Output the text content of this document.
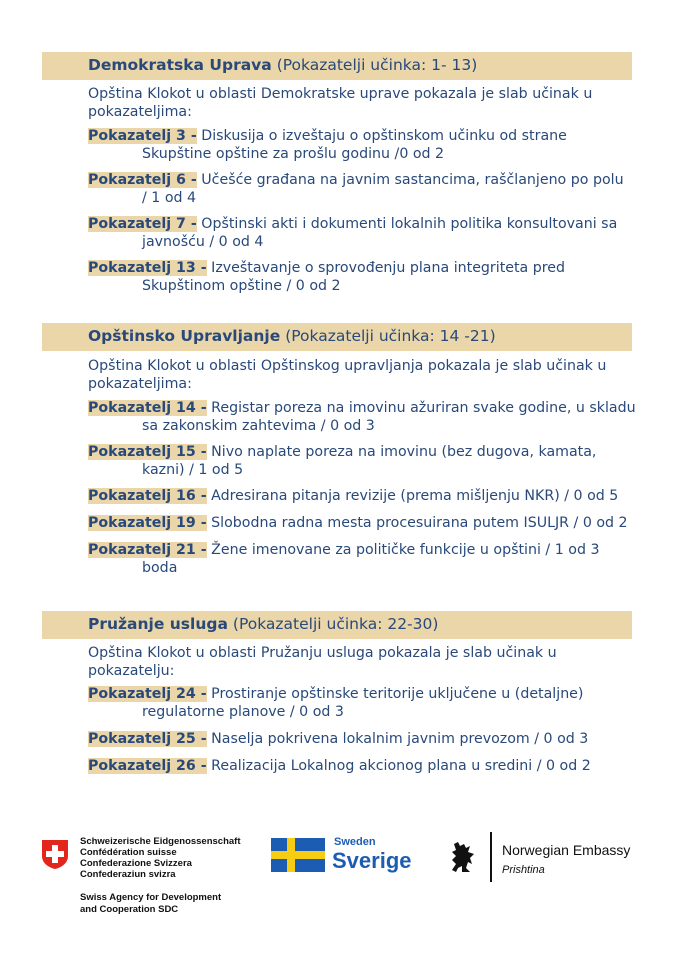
Demokratska Uprava (Pokazatelji učinka: 1- 13)
Opština Klokot u oblasti Demokratske uprave pokazala je slab učinak u pokazateljima:
Pokazatelj 3 - Diskusija o izveštaju o opštinskom učinku od strane
Skupštine opštine za prošlu godinu /0 od 2
Pokazatelj 6 - Učešće građana na javnim sastancima, raščlanjeno po polu
/ 1 od 4
Pokazatelj 7 - Opštinski akti i dokumenti lokalnih politika konsultovani sa
javnošću / 0 od 4
Pokazatelj 13 - Izveštavanje o sprovođenju plana integriteta pred
Skupštinom opštine / 0 od 2
Opštinsko Upravljanje (Pokazatelji učinka: 14 -21)
Opština Klokot u oblasti Opštinskog upravljanja pokazala je slab učinak u pokazateljima:
Pokazatelj 14 - Registar poreza na imovinu ažuriran svake godine, u skladu
sa zakonskim zahtevima / 0 od 3
Pokazatelj 15 - Nivo naplate poreza na imovinu (bez dugova, kamata,
kazni) / 1 od 5
Pokazatelj 16 - Adresirana pitanja revizije (prema mišljenju NKR) / 0 od 5
Pokazatelj 19 - Slobodna radna mesta procesuirana putem ISULJR / 0 od 2
Pokazatelj 21 - Žene imenovane za političke funkcije u opštini / 1 od 3
boda
Pružanje usluga (Pokazatelji učinka: 22-30)
Opština Klokot u oblasti Pružanju usluga pokazala je slab učinak u pokazatelju:
Pokazatelj 24 - Prostiranje opštinske teritorije uključene u (detaljne)
regulatorne planove / 0 od 3
Pokazatelj 25 - Naselja pokrivena lokalnim javnim prevozom / 0 od 3
Pokazatelj 26 - Realizacija Lokalnog akcionog plana u sredini / 0 od 2
Schweizerische Eidgenossenschaft
Confédération suisse
Confederazione Svizzera
Confederaziun svizra
Swiss Agency for Development
and Cooperation SDC
Sweden
Sverige	Norwegian Embassy
Prishtina
